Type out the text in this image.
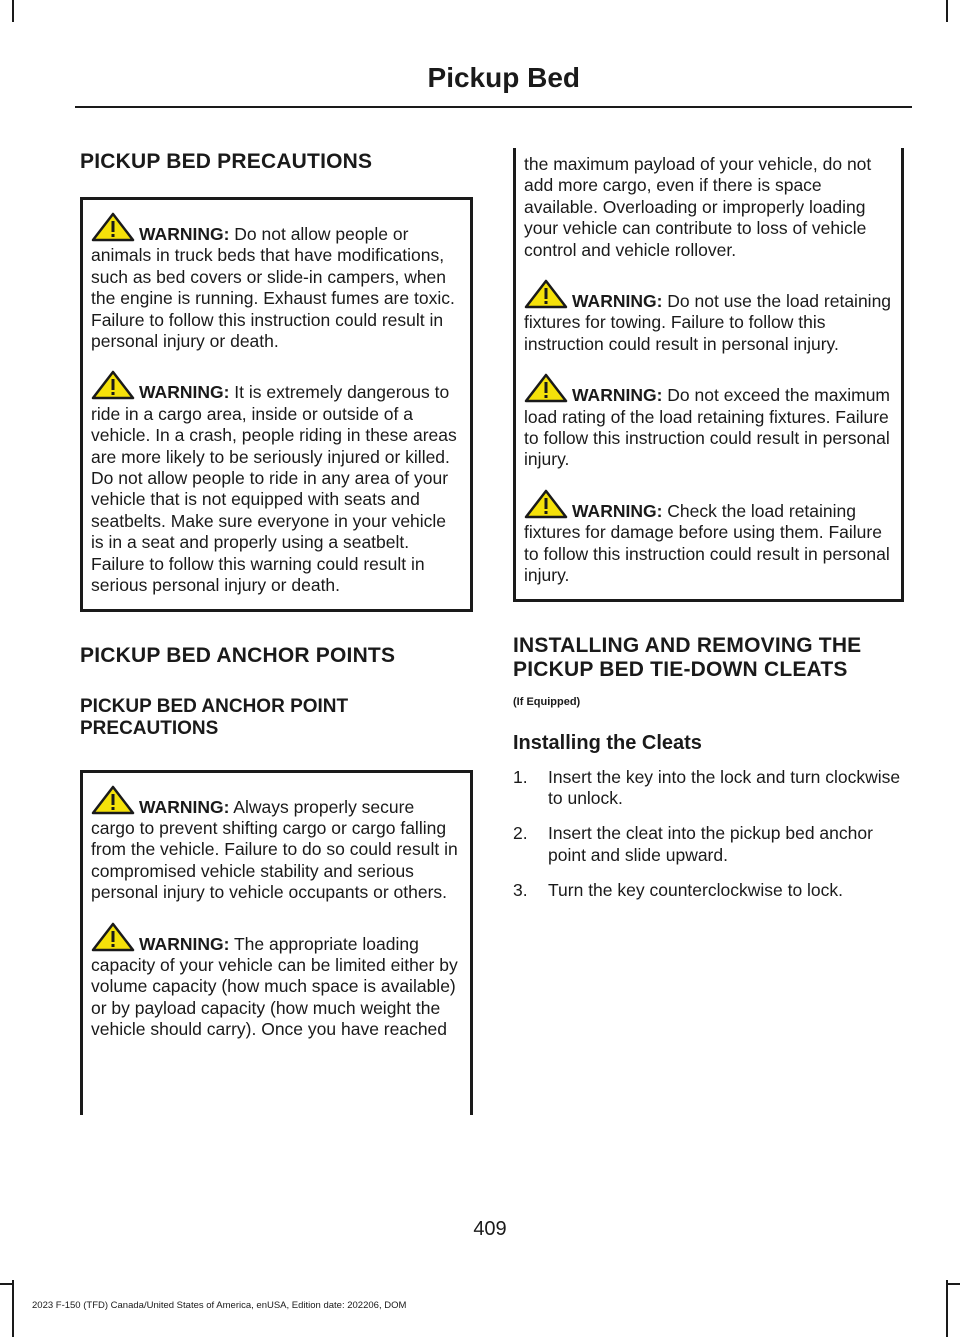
Pickup Bed
PICKUP BED PRECAUTIONS

WARNING: Do not allow people or animals in truck beds that have modifications, such as bed covers or slide-in campers, when the engine is running. Exhaust fumes are toxic. Failure to follow this instruction could result in personal injury or death.

WARNING: It is extremely dangerous to ride in a cargo area, inside or outside of a vehicle. In a crash, people riding in these areas are more likely to be seriously injured or killed. Do not allow people to ride in any area of your vehicle that is not equipped with seats and seatbelts. Make sure everyone in your vehicle is in a seat and properly using a seatbelt. Failure to follow this warning could result in serious personal injury or death.

PICKUP BED ANCHOR POINTS
PICKUP BED ANCHOR POINT PRECAUTIONS

WARNING: Always properly secure cargo to prevent shifting cargo or cargo falling from the vehicle. Failure to do so could result in compromised vehicle stability and serious personal injury to vehicle occupants or others.

WARNING: The appropriate loading capacity of your vehicle can be limited either by volume capacity (how much space is available) or by payload capacity (how much weight the vehicle should carry). Once you have reached

the maximum payload of your vehicle, do not add more cargo, even if there is space available. Overloading or improperly loading your vehicle can contribute to loss of vehicle control and vehicle rollover.

WARNING: Do not use the load retaining fixtures for towing. Failure to follow this instruction could result in personal injury.

WARNING: Do not exceed the maximum load rating of the load retaining fixtures. Failure to follow this instruction could result in personal injury.

WARNING: Check the load retaining fixtures for damage before using them. Failure to follow this instruction could result in personal injury.

INSTALLING AND REMOVING THE PICKUP BED TIE-DOWN CLEATS

(If Equipped)

Installing the Cleats
1. Insert the key into the lock and turn clockwise to unlock.
2. Insert the cleat into the pickup bed anchor point and slide upward.
3. Turn the key counterclockwise to lock.
409
2023 F-150 (TFD) Canada/United States of America, enUSA, Edition date: 202206, DOM
